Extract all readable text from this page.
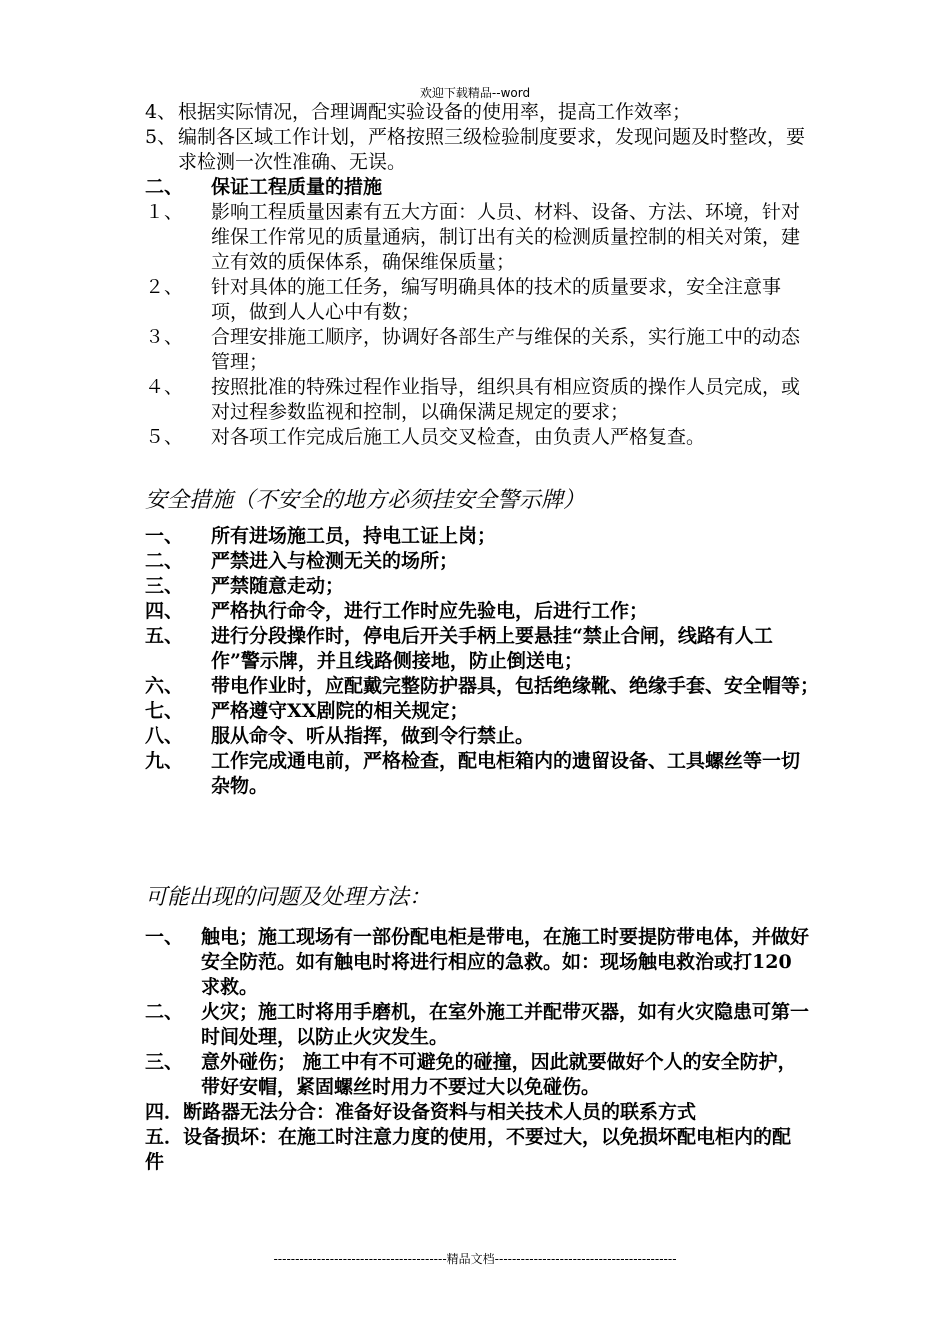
欢迎下载精品--word
4、 根据实际情况，合理调配实验设备的使用率，提高工作效率；
5、 编制各区域工作计划，严格按照三级检验制度要求，发现问题及时整改，要求检测一次性准确、无误。
二、	保证工程质量的措施
１、	影响工程质量因素有五大方面：人员、材料、设备、方法、环境，针对维保工作常见的质量通病，制订出有关的检测质量控制的相关对策，建立有效的质保体系，确保维保质量；
２、	针对具体的施工任务，编写明确具体的技术的质量要求，安全注意事项，做到人人心中有数；
３、	合理安排施工顺序，协调好各部生产与维保的关系，实行施工中的动态管理；
４、	按照批准的特殊过程作业指导，组织具有相应资质的操作人员完成，或对过程参数监视和控制，以确保满足规定的要求；
５、	对各项工作完成后施工人员交叉检查，由负责人严格复查。
安全措施（不安全的地方必须挂安全警示牌）
一、	所有进场施工员，持电工证上岗；
二、	严禁进入与检测无关的场所；
三、	严禁随意走动；
四、	严格执行命令，进行工作时应先验电，后进行工作；
五、	进行分段操作时，停电后开关手柄上要悬挂“禁止合闸，线路有人工作”警示牌，并且线路侧接地，防止倒送电；
六、	带电作业时，应配戴完整防护器具，包括绝缘靴、绝缘手套、安全帽等；
七、	严格遵守XX剧院的相关规定；
八、	服从命令、听从指挥，做到令行禁止。
九、	工作完成通电前，严格检查，配电柜箱内的遗留设备、工具螺丝等一切杂物。
可能出现的问题及处理方法：
一、 触电；施工现场有一部份配电柜是带电，在施工时要提防带电体，并做好安全防范。如有触电时将进行相应的急救。如：现场触电救治或打120求救。
二、 火灾；施工时将用手磨机，在室外施工并配带灭器，如有火灾隐患可第一时间处理，以防止火灾发生。
三、 意外碰伤； 施工中有不可避免的碰撞，因此就要做好个人的安全防护，带好安帽，紧固螺丝时用力不要过大以免碰伤。
四．断路器无法分合：准备好设备资料与相关技术人员的联系方式
五．设备损坏：在施工时注意力度的使用，不要过大，以免损坏配电柜内的配件
----------------------------------------精品文档------------------------------------------
